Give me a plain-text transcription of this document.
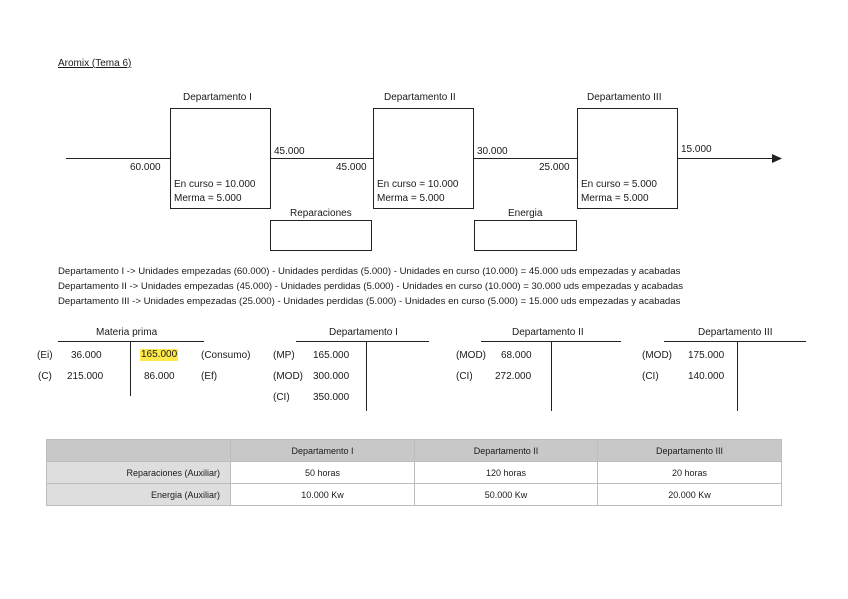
Aromix (Tema 6)
Departamento I	Departamento II	Departamento III
En curso = 10.000
Merma = 5.000
En curso = 10.000
Merma = 5.000
En curso = 5.000
Merma = 5.000
60.000
45.000
45.000
30.000
25.000
15.000
Reparaciones	Energia
Departamento I -> Unidades empezadas (60.000) - Unidades perdidas (5.000) - Unidades en curso (10.000) = 45.000 uds empezadas y acabadas
Departamento II -> Unidades empezadas (45.000) - Unidades perdidas (5.000) - Unidades en curso (10.000) = 30.000 uds empezadas y acabadas
Departamento III -> Unidades empezadas (25.000) - Unidades perdidas (5.000) - Unidades en curso (5.000) = 15.000 uds empezadas y acabadas
Materia prima
(Ei) 36.000	165.000 (Consumo)
(C) 215.000	86.000	(Ef)
Departamento I
(MP) 165.000
(MOD) 300.000
(CI) 350.000
Departamento II
(MOD) 68.000
(CI) 272.000
Departamento III
(MOD) 175.000
(CI)	140.000
	Departamento I	Departamento II	Departamento III
Reparaciones (Auxiliar)	50 horas	120 horas	20 horas
Energia (Auxiliar)	10.000 Kw	50.000 Kw	20.000 Kw
